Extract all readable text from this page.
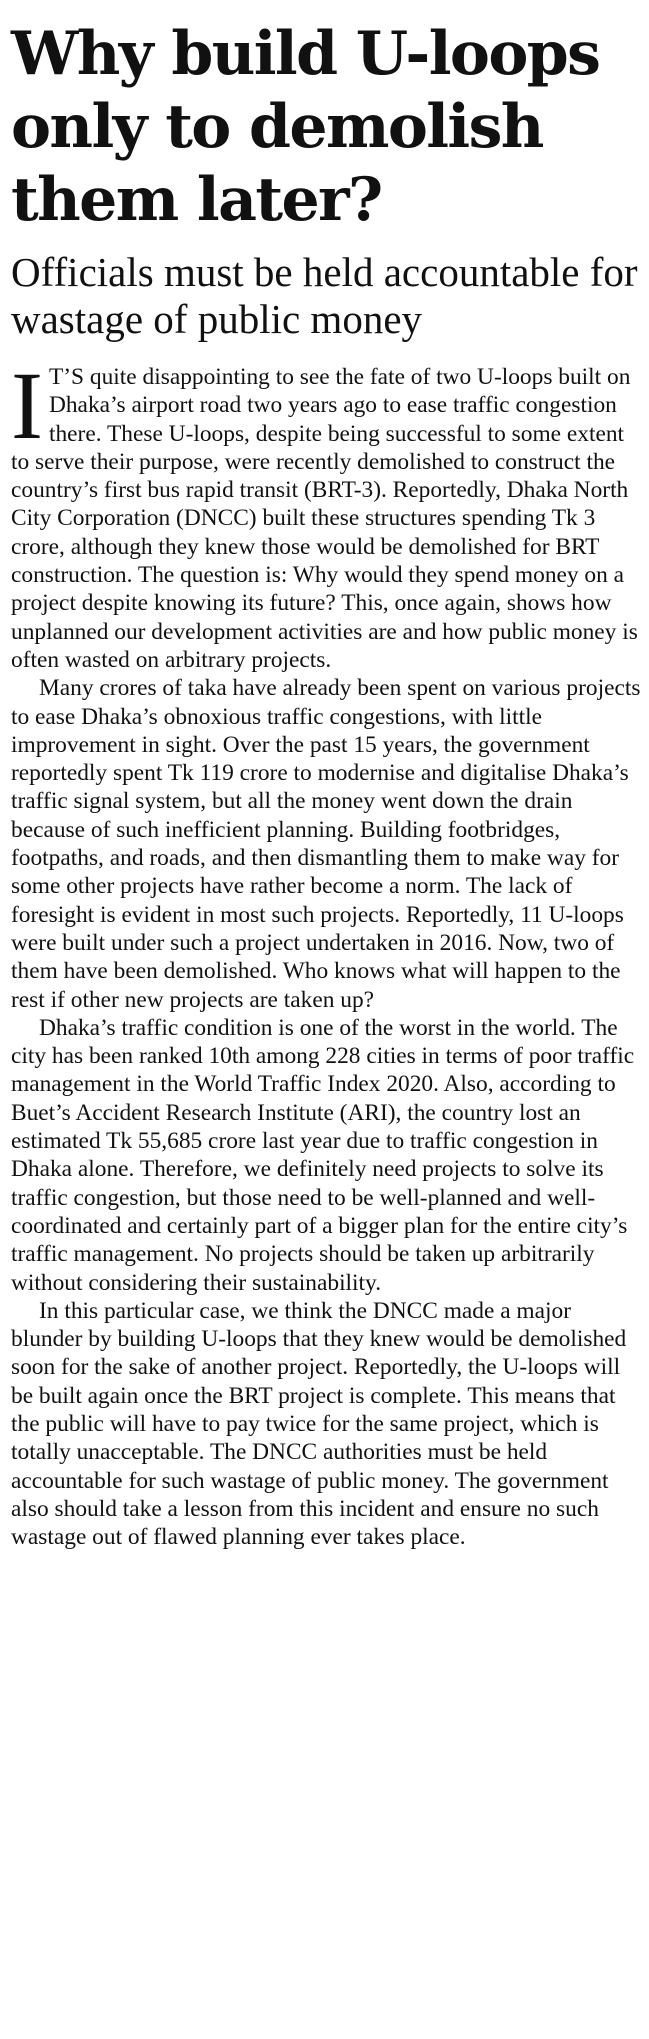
Why build U-loops only to demolish them later?
Officials must be held accountable for wastage of public money

I T’S quite disappointing to see the fate of two U-loops built on Dhaka’s airport road two years ago to ease traffic congestion there. These U-loops, despite being successful to some extent to serve their purpose, were recently demolished to construct the country’s first bus rapid transit (BRT-3). Reportedly, Dhaka North City Corporation (DNCC) built these structures spending Tk 3 crore, although they knew those would be demolished for BRT construction. The question is: Why would they spend money on a project despite knowing its future? This, once again, shows how unplanned our development activities are and how public money is often wasted on arbitrary projects.

Many crores of taka have already been spent on various projects to ease Dhaka’s obnoxious traffic congestions, with little improvement in sight. Over the past 15 years, the government reportedly spent Tk 119 crore to modernise and digitalise Dhaka’s traffic signal system, but all the money went down the drain because of such inefficient planning. Building footbridges, footpaths, and roads, and then dismantling them to make way for some other projects have rather become a norm. The lack of foresight is evident in most such projects. Reportedly, 11 U-loops were built under such a project undertaken in 2016. Now, two of them have been demolished. Who knows what will happen to the rest if other new projects are taken up?

Dhaka’s traffic condition is one of the worst in the world. The city has been ranked 10th among 228 cities in terms of poor traffic management in the World Traffic Index 2020. Also, according to Buet’s Accident Research Institute (ARI), the country lost an estimated Tk 55,685 crore last year due to traffic congestion in Dhaka alone. Therefore, we definitely need projects to solve its traffic congestion, but those need to be well-planned and well-coordinated and certainly part of a bigger plan for the entire city’s traffic management. No projects should be taken up arbitrarily without considering their sustainability.

In this particular case, we think the DNCC made a major blunder by building U-loops that they knew would be demolished soon for the sake of another project. Reportedly, the U-loops will be built again once the BRT project is complete. This means that the public will have to pay twice for the same project, which is totally unacceptable. The DNCC authorities must be held accountable for such wastage of public money. The government also should take a lesson from this incident and ensure no such wastage out of flawed planning ever takes place.
